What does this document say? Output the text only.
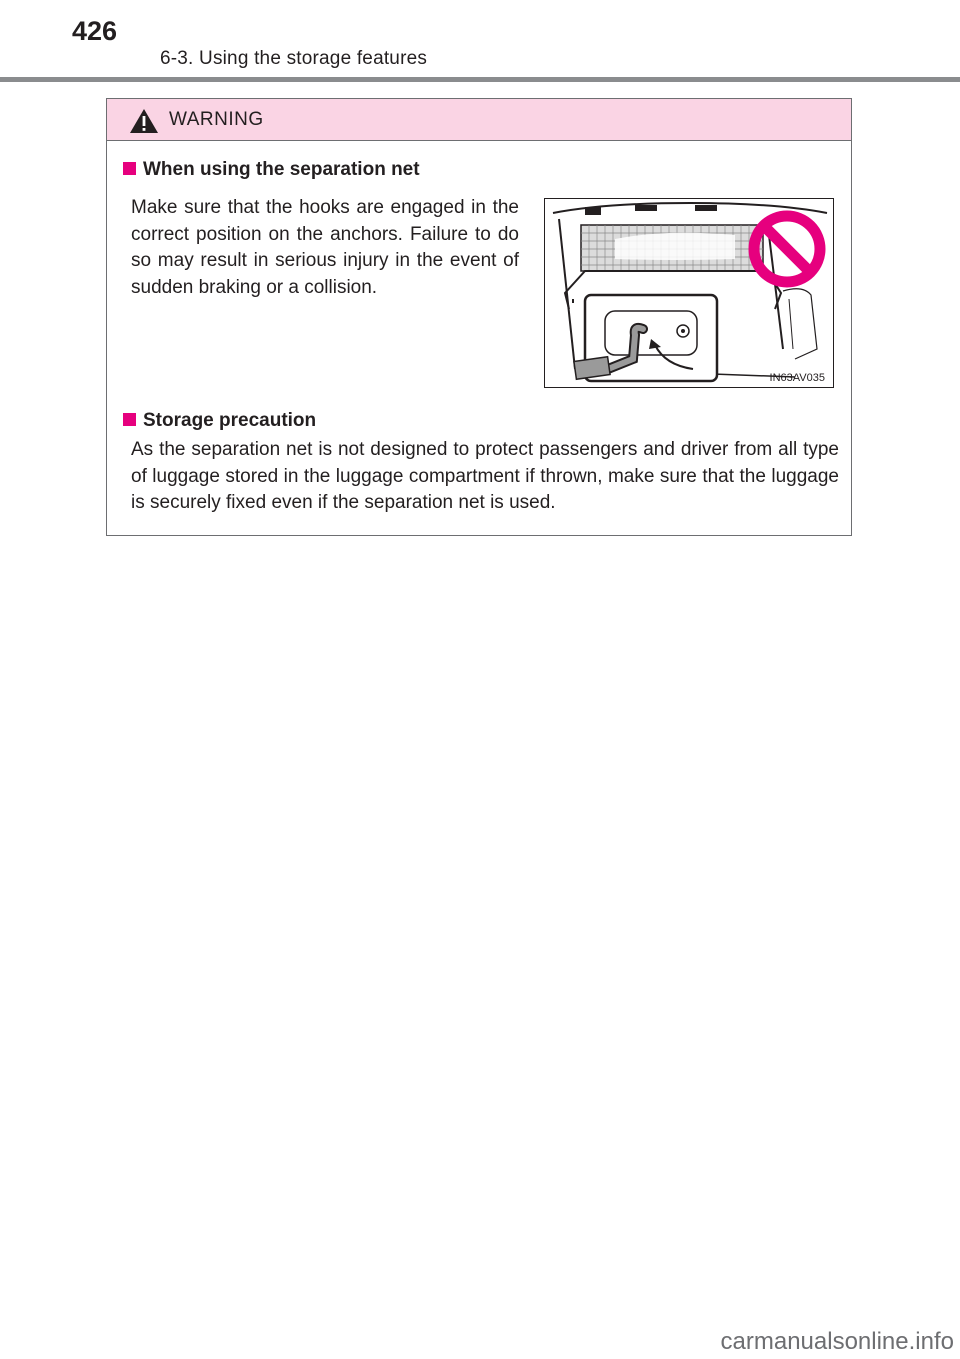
426
6-3. Using the storage features
WARNING
When using the separation net
Make sure that the hooks are engaged in the correct position on the anchors. Failure to do so may result in serious injury in the event of sudden braking or a collision.
IN63AV035
Storage precaution
As the separation net is not designed to protect passengers and driver from all type of luggage stored in the luggage compartment if thrown, make sure that the luggage is securely fixed even if the separation net is used.
carmanualsonline.info
